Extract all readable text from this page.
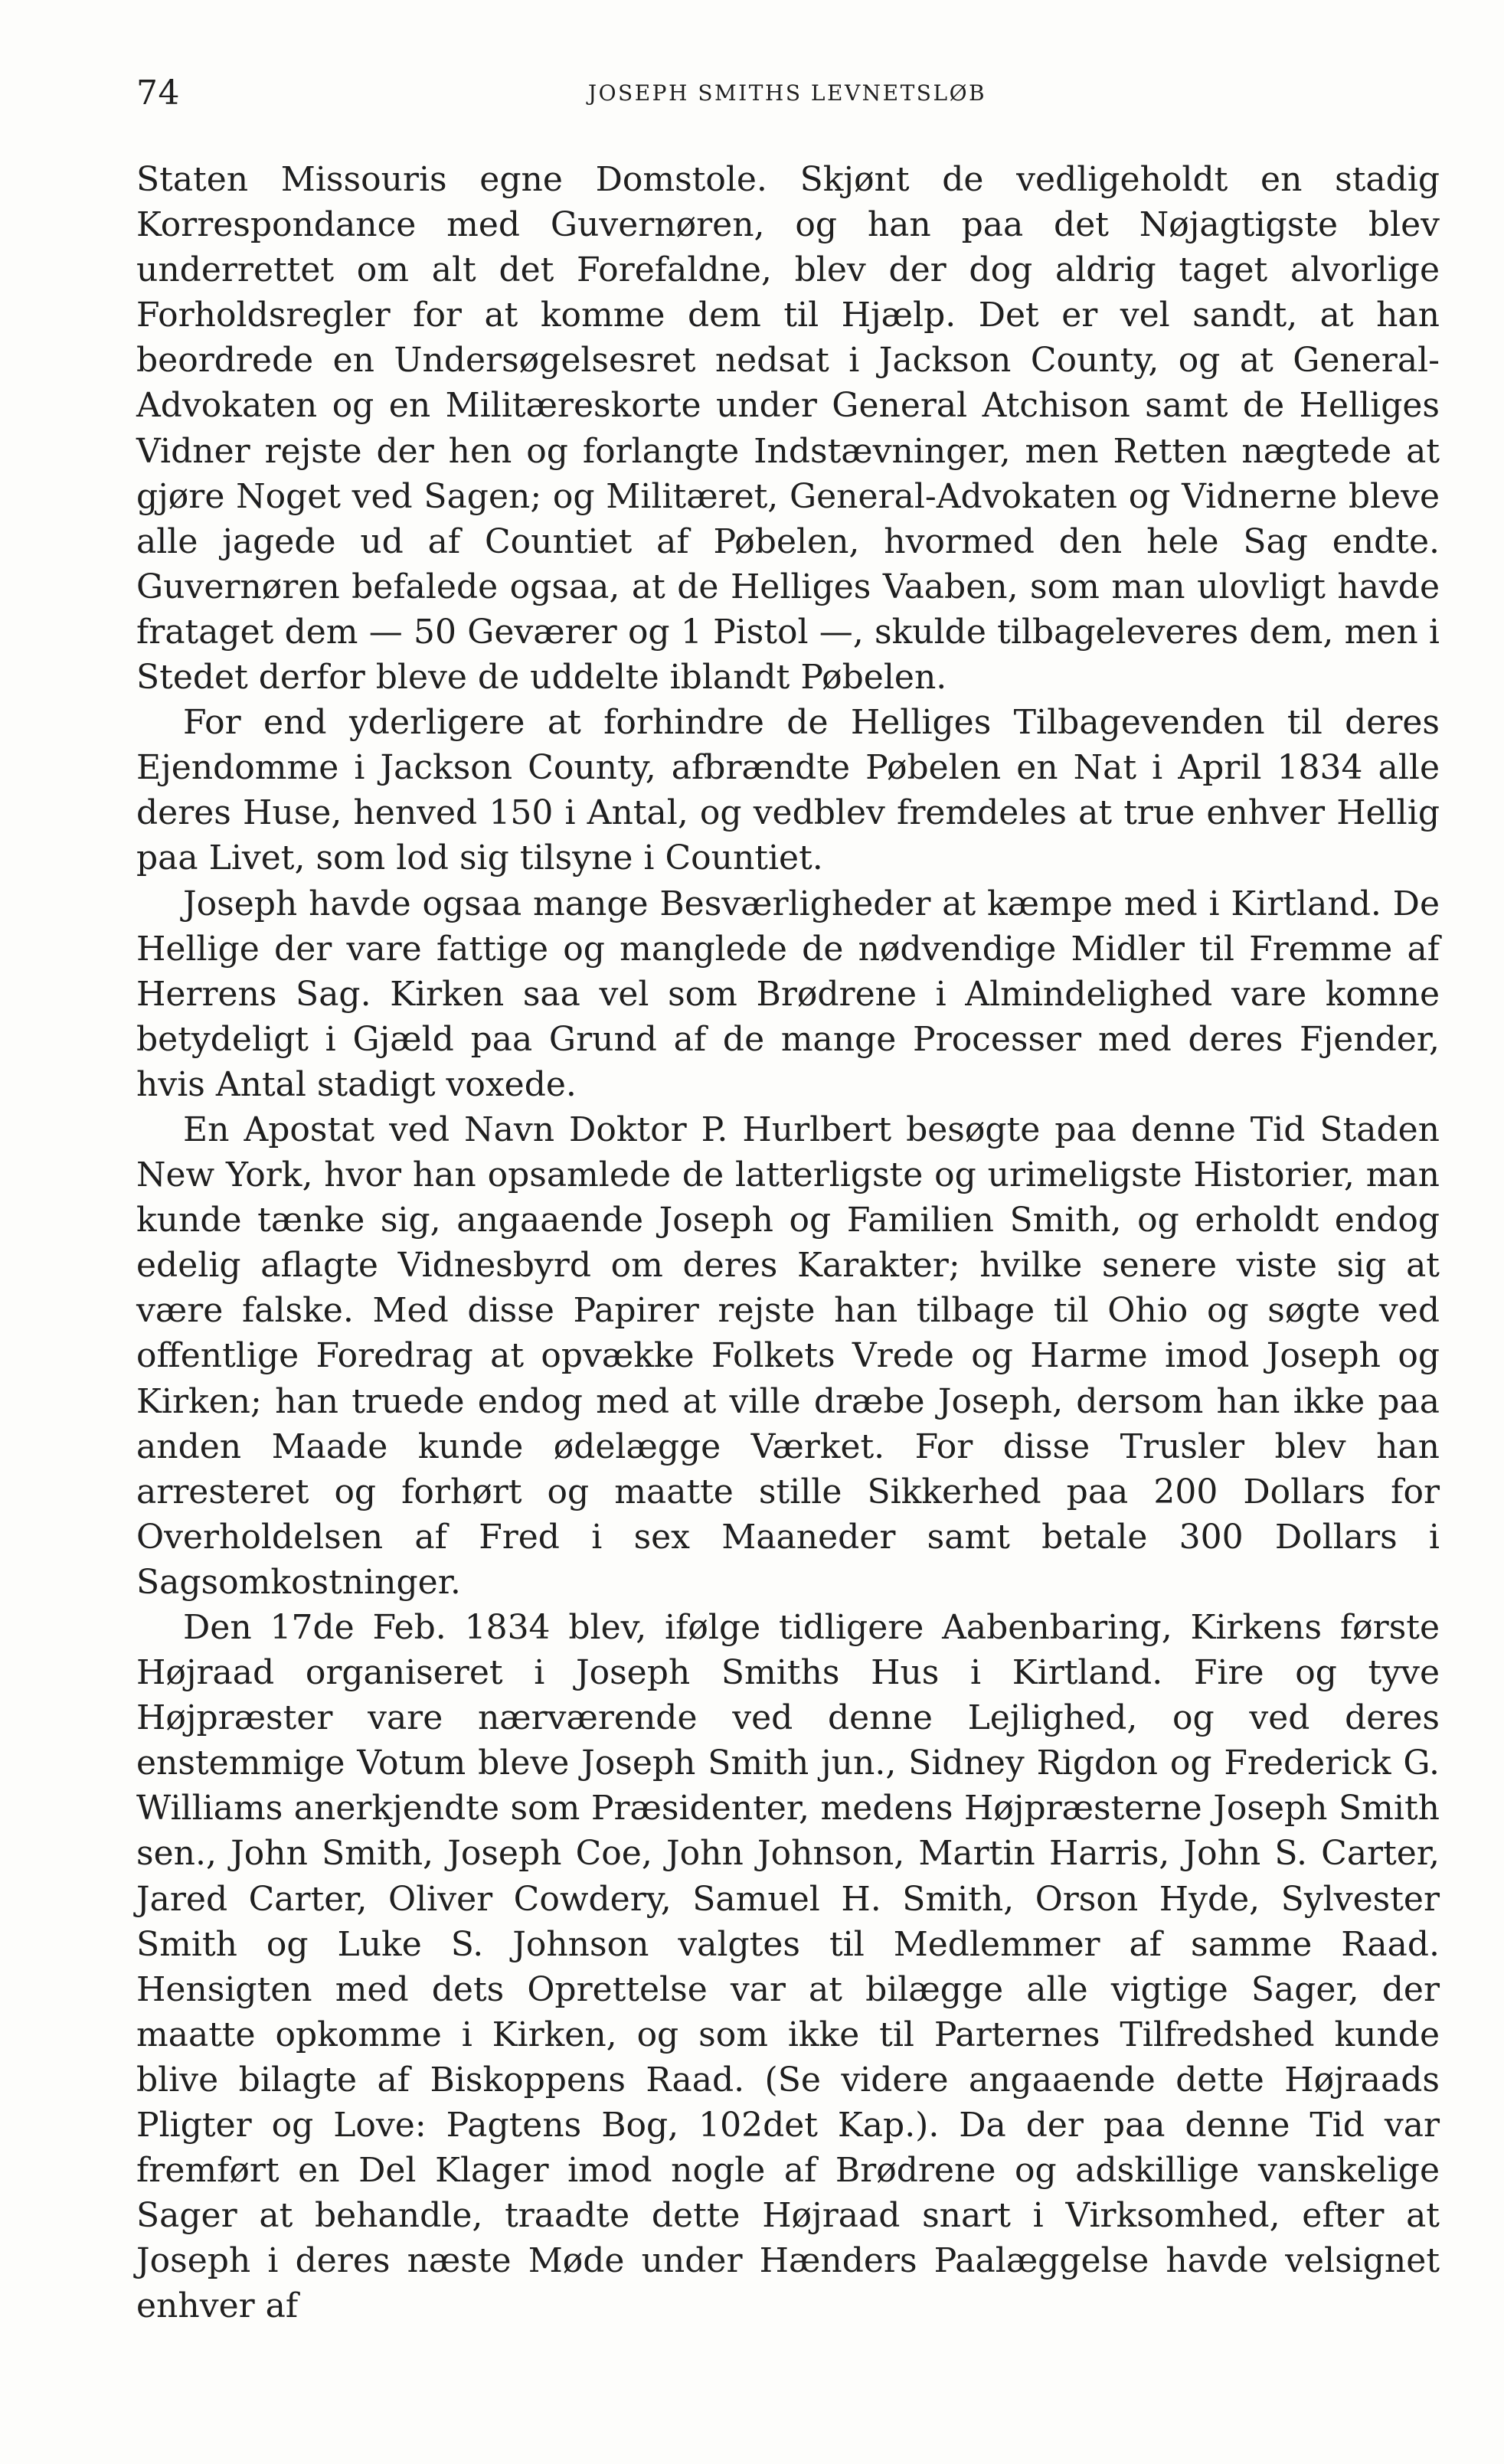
74	JOSEPH SMITHS LEVNETSLØB

Staten Missouris egne Domstole. Skjønt de vedligeholdt en stadig Korrespondance med Guvernøren, og han paa det Nøjagtigste blev underrettet om alt det Forefaldne, blev der dog aldrig taget alvorlige Forholdsregler for at komme dem til Hjælp. Det er vel sandt, at han beordrede en Undersøgelsesret nedsat i Jackson County, og at General-Advokaten og en Militæreskorte under General Atchison samt de Helliges Vidner rejste der hen og forlangte Indstævninger, men Retten nægtede at gjøre Noget ved Sagen; og Militæret, General-Advokaten og Vidnerne bleve alle jagede ud af Countiet af Pøbelen, hvormed den hele Sag endte. Guvernøren befalede ogsaa, at de Helliges Vaaben, som man ulovligt havde frataget dem — 50 Geværer og 1 Pistol —, skulde tilbageleveres dem, men i Stedet derfor bleve de uddelte iblandt Pøbelen.

For end yderligere at forhindre de Helliges Tilbagevenden til deres Ejendomme i Jackson County, afbrændte Pøbelen en Nat i April 1834 alle deres Huse, henved 150 i Antal, og vedblev fremdeles at true enhver Hellig paa Livet, som lod sig tilsyne i Countiet.

Joseph havde ogsaa mange Besværligheder at kæmpe med i Kirtland. De Hellige der vare fattige og manglede de nødvendige Midler til Fremme af Herrens Sag. Kirken saa vel som Brødrene i Almindelighed vare komne betydeligt i Gjæld paa Grund af de mange Processer med deres Fjender, hvis Antal stadigt voxede.

En Apostat ved Navn Doktor P. Hurlbert besøgte paa denne Tid Staden New York, hvor han opsamlede de latterligste og urimeligste Historier, man kunde tænke sig, angaaende Joseph og Familien Smith, og erholdt endog edelig aflagte Vidnesbyrd om deres Karakter; hvilke senere viste sig at være falske. Med disse Papirer rejste han tilbage til Ohio og søgte ved offentlige Foredrag at opvække Folkets Vrede og Harme imod Joseph og Kirken; han truede endog med at ville dræbe Joseph, dersom han ikke paa anden Maade kunde ødelægge Værket. For disse Trusler blev han arresteret og forhørt og maatte stille Sikkerhed paa 200 Dollars for Overholdelsen af Fred i sex Maaneder samt betale 300 Dollars i Sagsomkostninger.

Den 17de Feb. 1834 blev, ifølge tidligere Aabenbaring, Kirkens første Højraad organiseret i Joseph Smiths Hus i Kirtland. Fire og tyve Højpræster vare nærværende ved denne Lejlighed, og ved deres enstemmige Votum bleve Joseph Smith jun., Sidney Rigdon og Frederick G. Williams anerkjendte som Præsidenter, medens Højpræsterne Joseph Smith sen., John Smith, Joseph Coe, John Johnson, Martin Harris, John S. Carter, Jared Carter, Oliver Cowdery, Samuel H. Smith, Orson Hyde, Sylvester Smith og Luke S. Johnson valgtes til Medlemmer af samme Raad. Hensigten med dets Oprettelse var at bilægge alle vigtige Sager, der maatte opkomme i Kirken, og som ikke til Parternes Tilfredshed kunde blive bilagte af Biskoppens Raad. (Se videre angaaende dette Højraads Pligter og Love: Pagtens Bog, 102det Kap.). Da der paa denne Tid var fremført en Del Klager imod nogle af Brødrene og adskillige vanskelige Sager at behandle, traadte dette Højraad snart i Virksomhed, efter at Joseph i deres næste Møde under Hænders Paalæggelse havde velsignet enhver af
